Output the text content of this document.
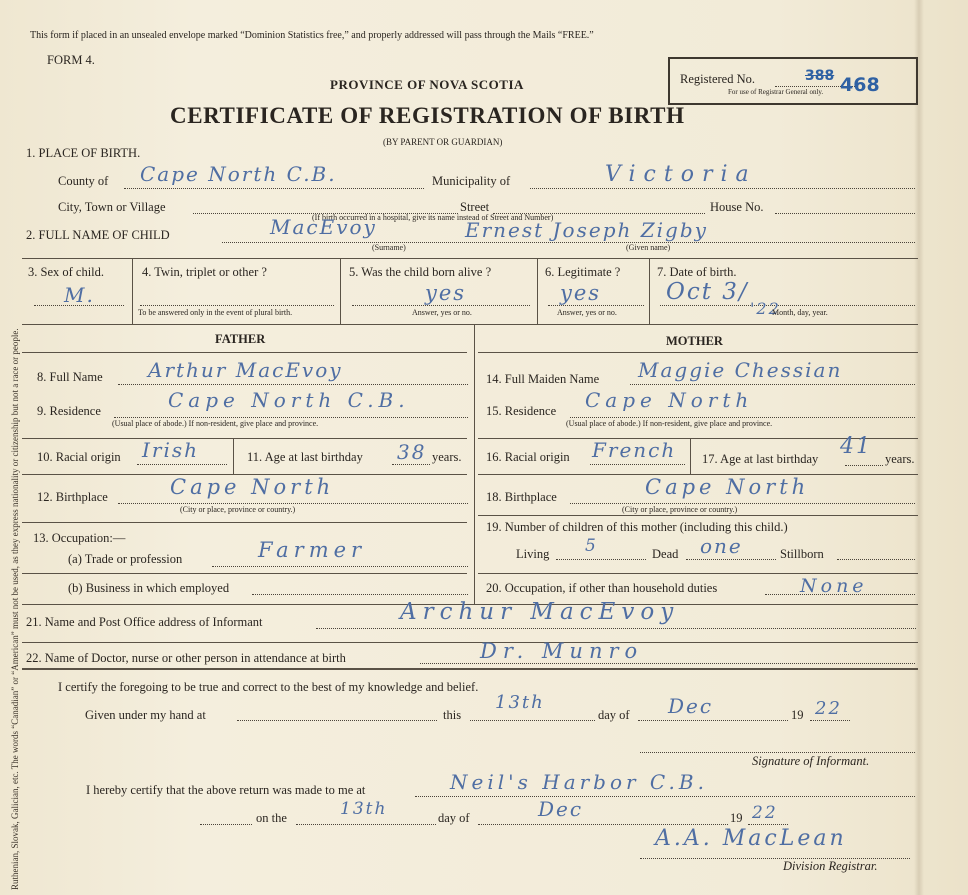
Ruthenian, Slovak, Galician, etc. The words “Canadian” or “American” must not be used, as they express nationality or citizenship but not a race or people.
This form if placed in an unsealed envelope marked “Dominion Statistics free,” and properly addressed will pass through the Mails “FREE.”
FORM 4.
PROVINCE OF NOVA SCOTIA
CERTIFICATE OF REGISTRATION OF BIRTH
(BY PARENT OR GUARDIAN)
Registered No.	388 468
For use of Registrar General only.
1. PLACE OF BIRTH.
County of Cape North C.B.	Municipality of	Victoria
City, Town or Village	Street	House No.
(If birth occurred in a hospital, give its name instead of Street and Number)
2. FULL NAME OF CHILD	MacEvoy	Ernest Joseph Zigby
(Surname)	(Given name)
3. Sex of child.
M.
4. Twin, triplet or other ?
To be answered only in the event of plural birth.
5. Was the child born alive ?
yes
Answer, yes or no.
6. Legitimate ?
yes
Answer, yes or no.
7. Date of birth.
Oct 3/
'22
Month, day, year.
FATHER	MOTHER
8. Full Name Arthur MacEvoy
9. Residence	Cape North C.B.
(Usual place of abode.) If non-resident, give place and province.
10. Racial origin Irish	11. Age at last birthday 38 years.
12. Birthplace	Cape North
(City or place, province or country.)
13. Occupation:—
(a) Trade or profession	Farmer
(b) Business in which employed
14. Full Maiden Name Maggie Chessian
15. Residence Cape North
(Usual place of abode.) If non-resident, give place and province.
16. Racial origin French 17. Age at last birthday 41 years.
18. Birthplace	Cape North
(City or place, province or country.)
19. Number of children of this mother (including this child.)
Living 5	Dead one	Stillborn
20. Occupation, if other than household duties	None
21. Name and Post Office address of Informant	Archur MacEvoy
22. Name of Doctor, nurse or other person in attendance at birth	Dr. Munro
I certify the foregoing to be true and correct to the best of my knowledge and belief.
Given under my hand at	this
13th
day of Dec	19 22
Signature of Informant.
I hereby certify that the above return was made to me at	Neil's Harbor C.B.
on the	13th	day of	Dec	19 22
A.A. MacLean
Division Registrar.
